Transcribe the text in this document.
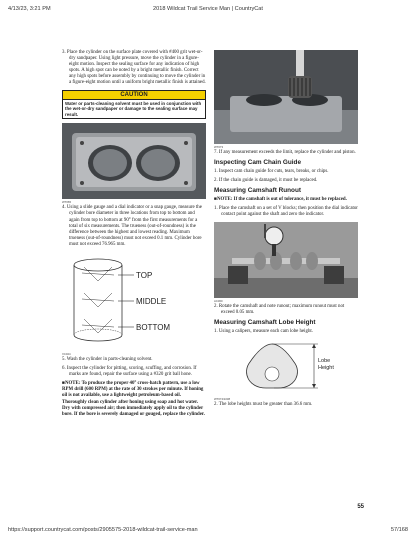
4/13/23, 3:21 PM	2018 Wildcat Trail Service Man | CountryCat

3. Place the cylinder on the surface plate covered with #400 grit wet-or-dry sandpaper. Using light pressure, move the cylinder in a figure-eight motion. Inspect the sealing surface for any indication of high spots. A high spot can be noted by a bright metallic finish. Correct any high spots before assembly by continuing to move the cylinder in a figure-eight motion until a uniform bright metallic finish is attained.

CAUTION
Water or parts-cleaning solvent must be used in conjunction with the wet-or-dry sandpaper or damage to the sealing surface may result.
WT065

4. Using a slide gauge and a dial indicator or a snap gauge, measure the cylinder bore diameter in three locations from top to bottom and again from top to bottom at 90° from the first measurements for a total of six measurements. The trueness (out-of-roundness) is the difference between the highest and lowest reading. Maximum trueness (out-of-roundness) must not exceed 0.1 mm. Cylinder bore must not exceed 76.965 mm.

TOP
MIDDLE
BOTTOM
XC024

5. Wash the cylinder in parts-cleaning solvent.

6. Inspect the cylinder for pitting, scoring, scuffing, and corrosion. If marks are found, repair the surface using a #320 grit ball hone.

■NOTE: To produce the proper 40° cross-hatch pattern, use a low RPM drill (600 RPM) at the rate of 30 strokes per minute. If honing oil is not available, use a lightweight petroleum-based oil. Thoroughly clean cylinder after honing using soap and hot water. Dry with compressed air; then immediately apply oil to the cylinder bore. If the bore is severely damaged or gouged, replace the cylinder.

WT073

7. If any measurement exceeds the limit, replace the cylinder and piston.

Inspecting Cam Chain Guide

1. Inspect cam chain guide for cuts, tears, breaks, or chips.

2. If the chain guide is damaged, it must be replaced.

Measuring Camshaft Runout

■NOTE: If the camshaft is out of tolerance, it must be replaced.

1. Place the camshaft on a set of V blocks; then position the dial indicator contact point against the shaft and zero the indicator.

AC300

2. Rotate the camshaft and note runout; maximum runout must not exceed 0.05 mm.

Measuring Camshaft Lobe Height

1. Using a calipers, measure each cam lobe height.

Lobe
Height
WT074/1038

2. The lobe heights must be greater than 36.6 mm.

55
https://support.countrycat.com/posts/2905575-2018-wildcat-trail-service-man	57/168
